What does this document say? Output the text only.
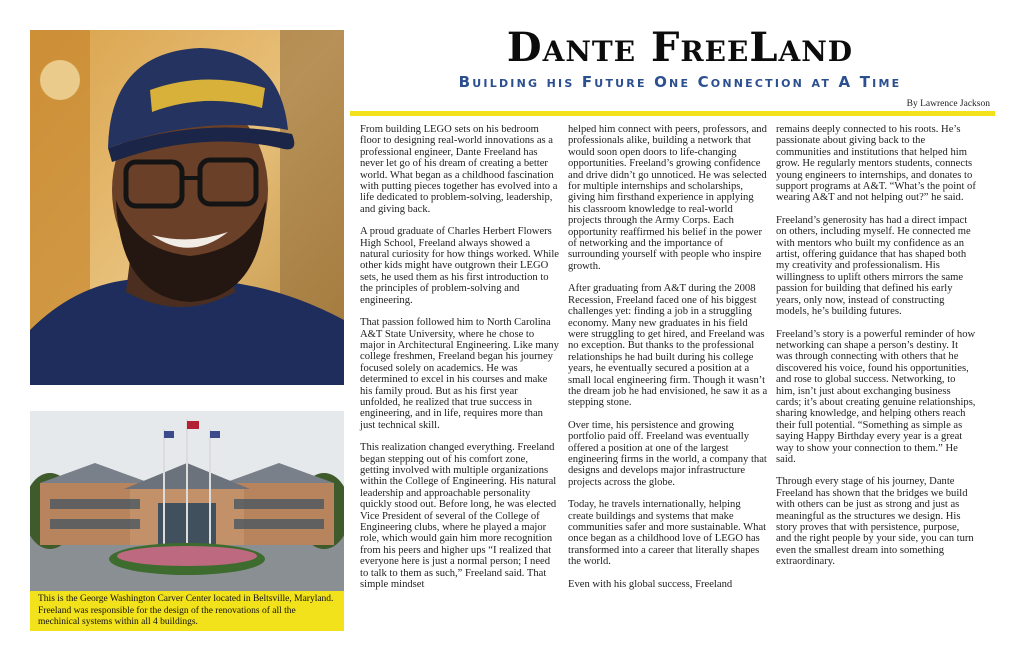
This is the George Washington Carver Center located in Beltsville, Maryland. Freeland was responsible for the design of the renovations of all the mechinical systems within all 4 buildings.
Dante FreeLand
Building his Future One Connection at A Time
By Lawrence Jackson

From building LEGO sets on his bedroom floor to designing real-world innovations as a professional engineer, Dante Freeland has never let go of his dream of creating a better world. What began as a childhood fascination with putting pieces together has evolved into a life dedicated to problem-solving, leadership, and giving back.

A proud graduate of Charles Herbert Flowers High School, Freeland always showed a natural curiosity for how things worked. While other kids might have outgrown their LEGO sets, he used them as his first introduction to the principles of problem-solving and engineering.

That passion followed him to North Carolina A&T State University, where he chose to major in Architectural Engineering. Like many college freshmen, Freeland began his journey focused solely on academics. He was determined to excel in his courses and make his family proud. But as his first year unfolded, he realized that true success in engineering, and in life, requires more than just technical skill.

This realization changed everything. Freeland began stepping out of his comfort zone, getting involved with multiple organizations within the College of Engineering. His natural leadership and approachable personality quickly stood out. Before long, he was elected Vice President of several of the College of Engineering clubs, where he played a major role, which would gain him more recognition from his peers and higher ups “I realized that everyone here is just a normal person; I need to talk to them as such,” Freeland said. That simple mindset

helped him connect with peers, professors, and professionals alike, building a network that would soon open doors to life-changing opportunities. Freeland’s growing confidence and drive didn’t go unnoticed. He was selected for multiple internships and scholarships, giving him firsthand experience in applying his classroom knowledge to real-world projects through the Army Corps. Each opportunity reaffirmed his belief in the power of networking and the importance of surrounding yourself with people who inspire growth.

After graduating from A&T during the 2008 Recession, Freeland faced one of his biggest challenges yet: finding a job in a struggling economy. Many new graduates in his field were struggling to get hired, and Freeland was no exception. But thanks to the professional relationships he had built during his college years, he eventually secured a position at a small local engineering firm. Though it wasn’t the dream job he had envisioned, he saw it as a stepping stone.

Over time, his persistence and growing portfolio paid off. Freeland was eventually offered a position at one of the largest engineering firms in the world, a company that designs and develops major infrastructure projects across the globe.

Today, he travels internationally, helping create buildings and systems that make communities safer and more sustainable. What once began as a childhood love of LEGO has transformed into a career that literally shapes the world.

Even with his global success, Freeland

remains deeply connected to his roots. He’s passionate about giving back to the communities and institutions that helped him grow. He regularly mentors students, connects young engineers to internships, and donates to support programs at A&T. “What’s the point of wearing A&T and not helping out?” he said.

Freeland’s generosity has had a direct impact on others, including myself. He connected me with mentors who built my confidence as an artist, offering guidance that has shaped both my creativity and professionalism. His willingness to uplift others mirrors the same passion for building that defined his early years, only now, instead of constructing models, he’s building futures.

Freeland’s story is a powerful reminder of how networking can shape a person’s destiny. It was through connecting with others that he discovered his voice, found his opportunities, and rose to global success. Networking, to him, isn’t just about exchanging business cards; it’s about creating genuine relationships, sharing knowledge, and helping others reach their full potential. “Something as simple as saying Happy Birthday every year is a great way to show your connection to them.” He said.

Through every stage of his journey, Dante Freeland has shown that the bridges we build with others can be just as strong and just as meaningful as the structures we design. His story proves that with persistence, purpose, and the right people by your side, you can turn even the smallest dream into something extraordinary.
